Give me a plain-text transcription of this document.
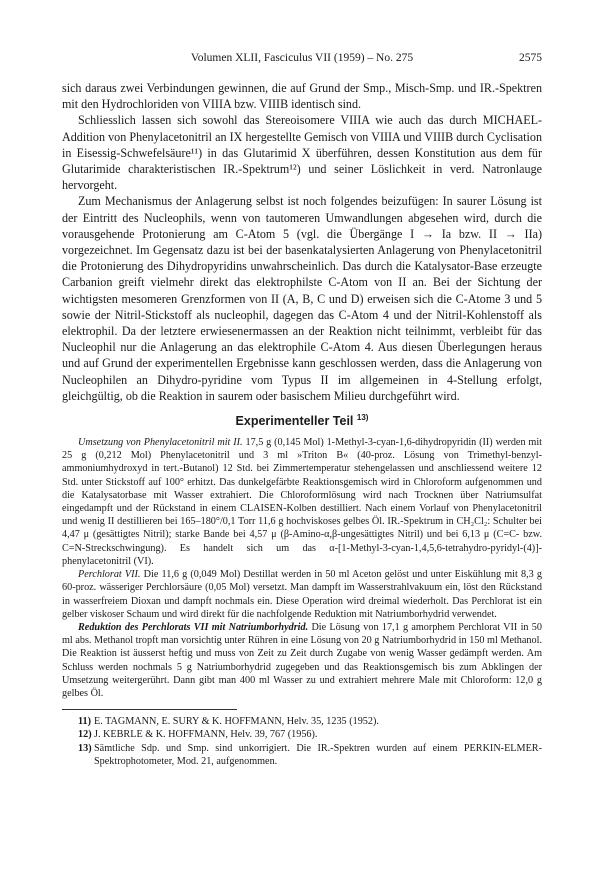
Volumen XLII, Fasciculus VII (1959) – No. 275	2575

sich daraus zwei Verbindungen gewinnen, die auf Grund der Smp., Misch-Smp. und IR.-Spektren mit den Hydrochloriden von VIIIA bzw. VIIIB identisch sind.

Schliesslich lassen sich sowohl das Stereoisomere VIIIA wie auch das durch MICHAEL-Addition von Phenylacetonitril an IX hergestellte Gemisch von VIIIA und VIIIB durch Cyclisation in Eisessig-Schwefelsäure¹¹) in das Glutarimid X überführen, dessen Konstitution aus dem für Glutarimide charakteristischen IR.-Spektrum¹²) und seiner Löslichkeit in verd. Natronlauge hervorgeht.

Zum Mechanismus der Anlagerung selbst ist noch folgendes beizufügen: In saurer Lösung ist der Eintritt des Nucleophils, wenn von tautomeren Umwandlungen abgesehen wird, durch die vorausgehende Protonierung am C-Atom 5 (vgl. die Übergänge I → Ia bzw. II → IIa) vorgezeichnet. Im Gegensatz dazu ist bei der basenkatalysierten Anlagerung von Phenylacetonitril die Protonierung des Dihydropyridins unwahrscheinlich. Das durch die Katalysator-Base erzeugte Carbanion greift vielmehr direkt das elektrophilste C-Atom von II an. Bei der Sichtung der wichtigsten mesomeren Grenzformen von II (A, B, C und D) erweisen sich die C-Atome 3 und 5 sowie der Nitril-Stickstoff als nucleophil, dagegen das C-Atom 4 und der Nitril-Kohlenstoff als elektrophil. Da der letztere erwiesenermassen an der Reaktion nicht teilnimmt, verbleibt für das Nucleophil nur die Anlagerung an das elektrophile C-Atom 4. Aus diesen Überlegungen heraus und auf Grund der experimentellen Ergebnisse kann geschlossen werden, dass die Anlagerung von Nucleophilen an Dihydro-pyridine vom Typus II im allgemeinen in 4-Stellung erfolgt, gleichgültig, ob die Reaktion in saurem oder basischem Milieu durchgeführt wird.

Experimenteller Teil $^{13)}$

Umsetzung von Phenylacetonitril mit II. 17,5 g (0,145 Mol) 1-Methyl-3-cyan-1,6-dihydropyridin (II) werden mit 25 g (0,212 Mol) Phenylacetonitril und 3 ml »Triton B« (40-proz. Lösung von Trimethyl-benzyl-ammoniumhydroxyd in tert.-Butanol) 12 Std. bei Zimmertemperatur stehengelassen und anschliessend weitere 12 Std. unter Stickstoff auf 100° erhitzt. Das dunkelgefärbte Reaktionsgemisch wird in Chloroform aufgenommen und die Katalysatorbase mit Wasser extrahiert. Die Chloroformlösung wird nach Trocknen über Natriumsulfat eingedampft und der Rückstand in einem CLAISEN-Kolben destilliert. Nach einem Vorlauf von Phenylacetonitril und wenig II destillieren bei 165–180°/0,1 Torr 11,6 g hochviskoses gelbes Öl. IR.-Spektrum in CH₂Cl₂: Schulter bei 4,47 μ (gesättigtes Nitril); starke Bande bei 4,57 μ (β-Amino-α,β-ungesättigtes Nitril) und bei 6,13 μ (C=C- bzw. C=N-Streckschwingung). Es handelt sich um das α-[1-Methyl-3-cyan-1,4,5,6-tetrahydro-pyridyl-(4)]-phenylacetonitril (VI).

Perchlorat VII. Die 11,6 g (0,049 Mol) Destillat werden in 50 ml Aceton gelöst und unter Eiskühlung mit 8,3 g 60-proz. wässeriger Perchlorsäure (0,05 Mol) versetzt. Man dampft im Wasserstrahlvakuum ein, löst den Rückstand in wasserfreiem Dioxan und dampft nochmals ein. Diese Operation wird dreimal wiederholt. Das Perchlorat ist ein gelber viskoser Schaum und wird direkt für die nachfolgende Reduktion mit Natriumborhydrid verwendet.

Reduktion des Perchlorats VII mit Natriumborhydrid. Die Lösung von 17,1 g amorphem Perchlorat VII in 50 ml abs. Methanol tropft man vorsichtig unter Rühren in eine Lösung von 20 g Natriumborhydrid in 150 ml Methanol. Die Reaktion ist äusserst heftig und muss von Zeit zu Zeit durch Zugabe von wenig Wasser gedämpft werden. Am Schluss werden nochmals 5 g Natriumborhydrid zugegeben und das Reaktionsgemisch bis zum Abklingen der Umsetzung weitergerührt. Dann gibt man 400 ml Wasser zu und extrahiert mehrere Male mit Chloroform: 12,0 g gelbes Öl.

11) E. TAGMANN, E. SURY & K. HOFFMANN, Helv. 35, 1235 (1952).

12) J. KEBRLE & K. HOFFMANN, Helv. 39, 767 (1956).

13) Sämtliche Sdp. und Smp. sind unkorrigiert. Die IR.-Spektren wurden auf einem PERKIN-ELMER-Spektrophotometer, Mod. 21, aufgenommen.
